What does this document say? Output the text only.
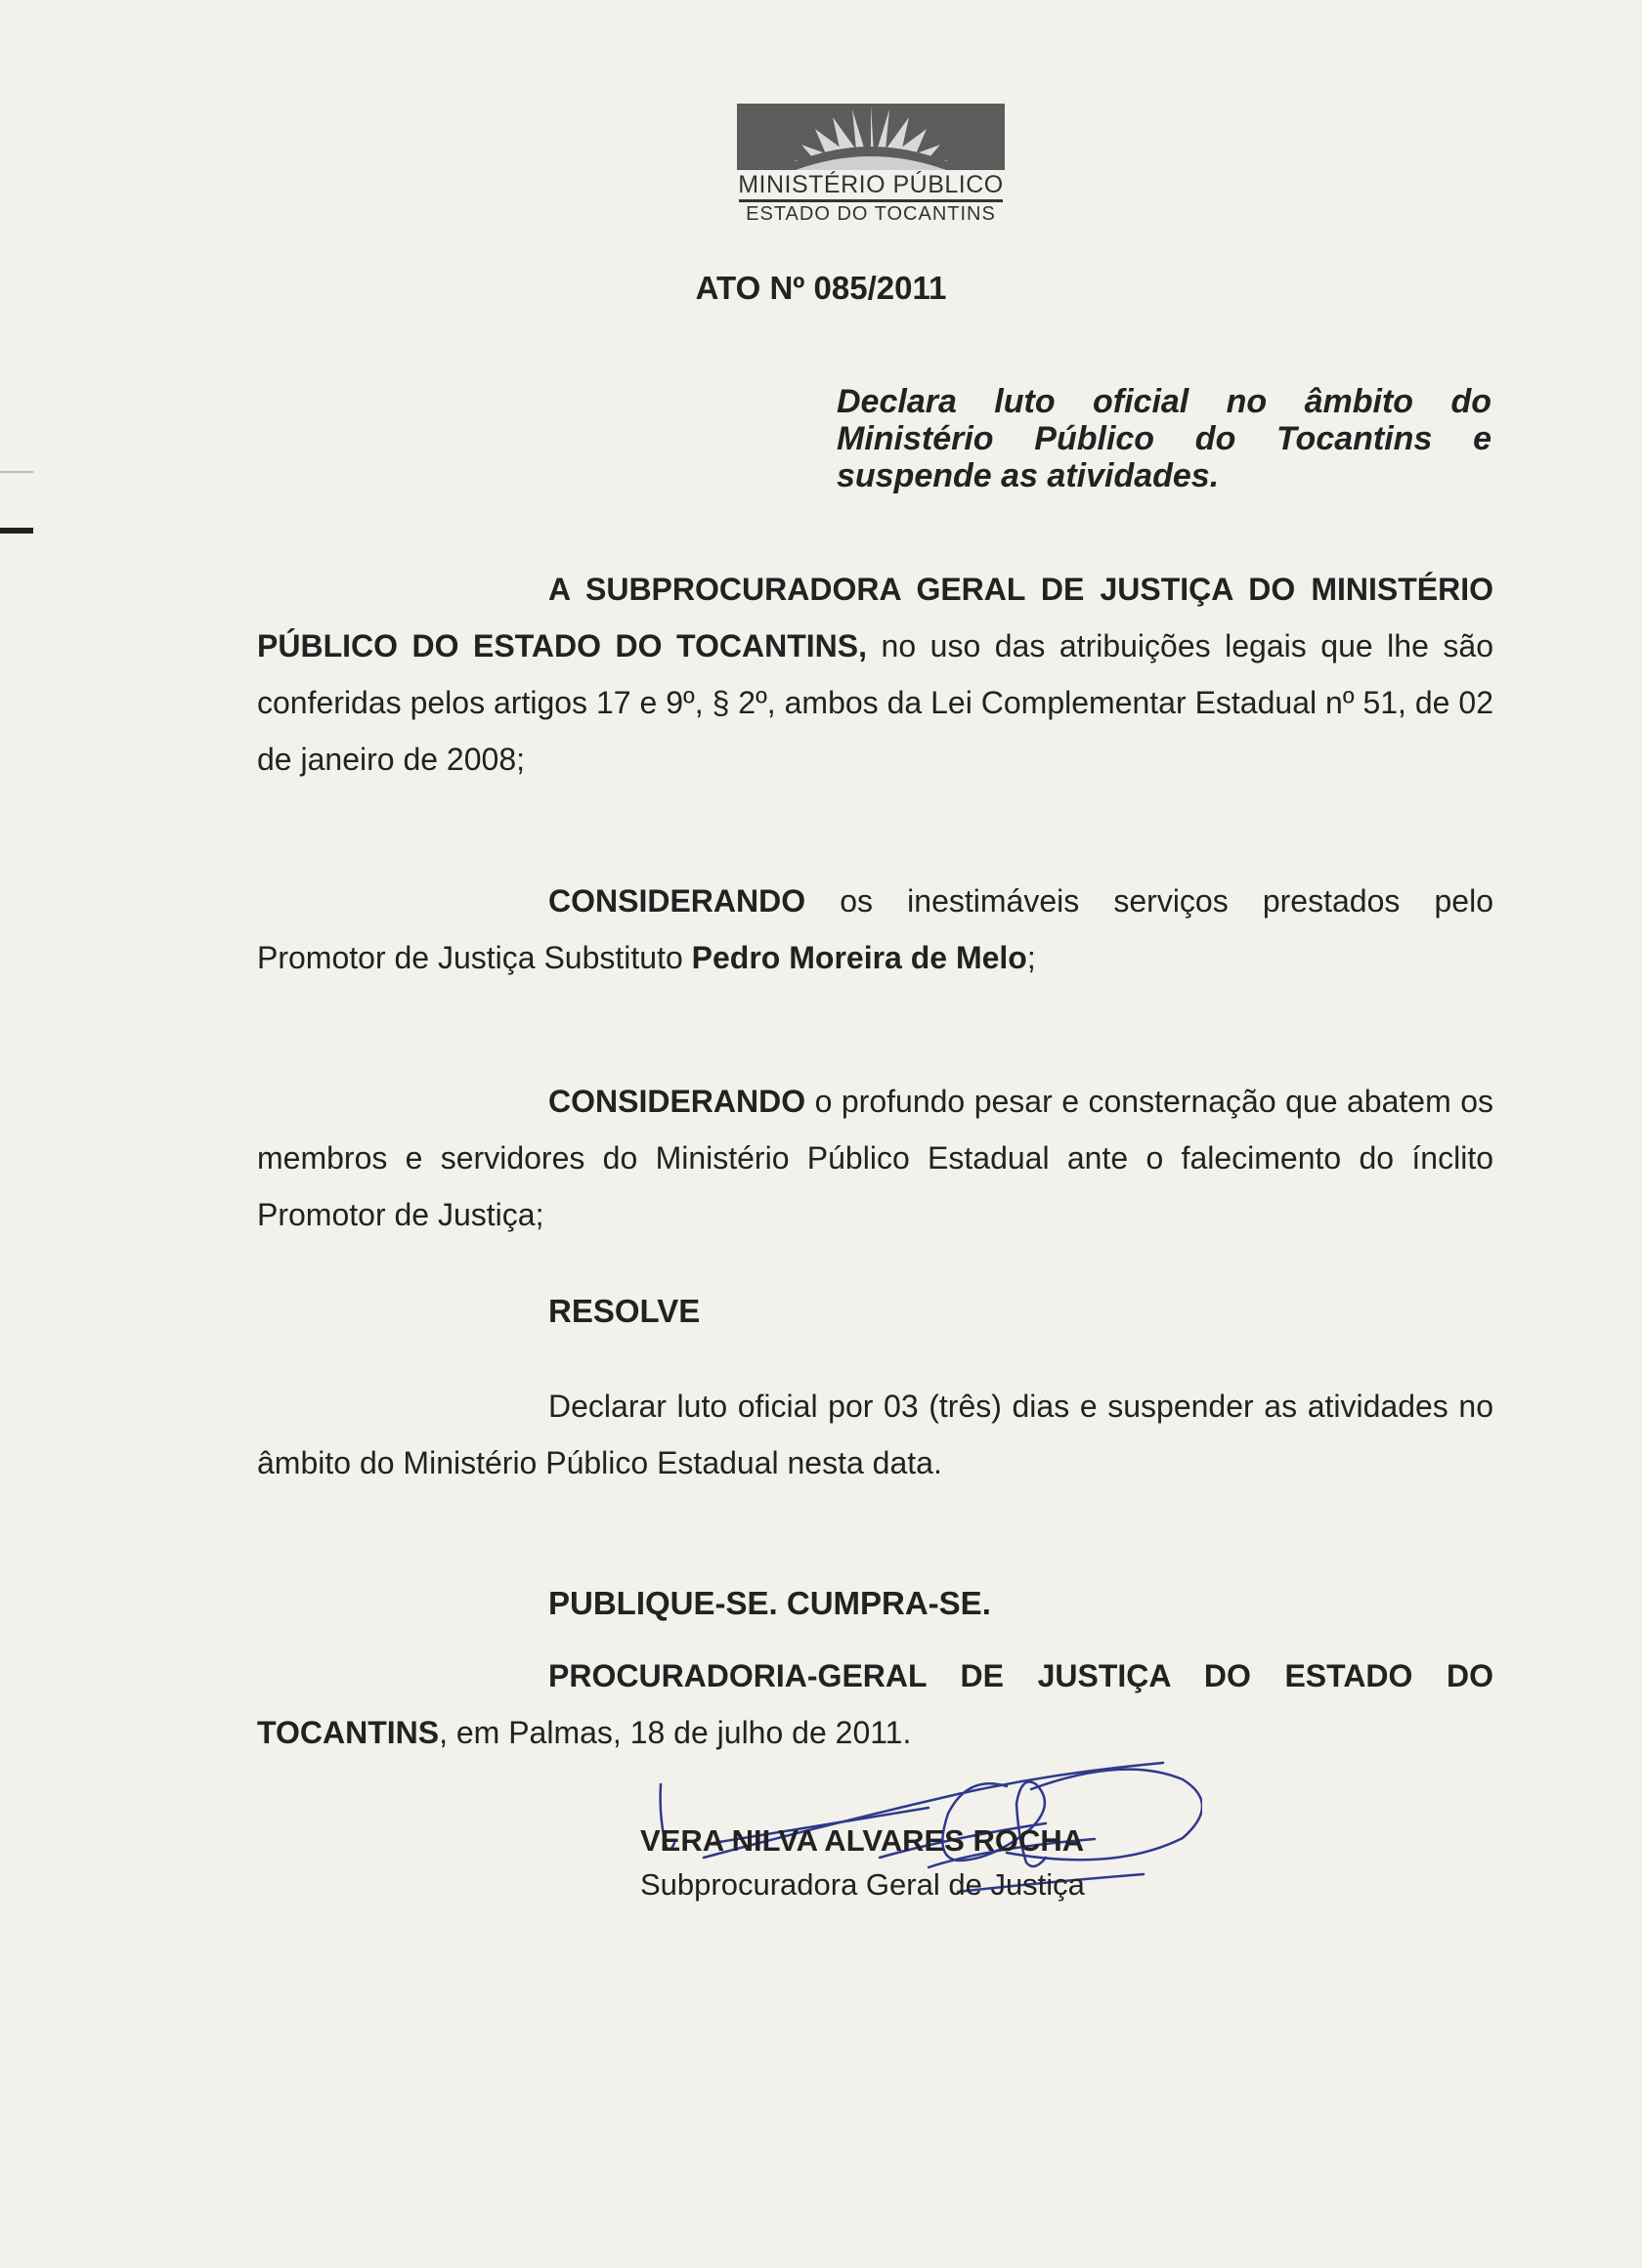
MINISTÉRIO PÚBLICO
ESTADO DO TOCANTINS
ATO Nº 085/2011
Declara luto oficial no âmbito do Ministério Público do Tocantins e suspende as atividades.

A SUBPROCURADORA GERAL DE JUSTIÇA DO MINISTÉRIO PÚBLICO DO ESTADO DO TOCANTINS, no uso das atribuições legais que lhe são conferidas pelos artigos 17 e 9º, § 2º, ambos da Lei Complementar Estadual nº 51, de 02 de janeiro de 2008;

CONSIDERANDO os inestimáveis serviços prestados pelo Promotor de Justiça Substituto Pedro Moreira de Melo;

CONSIDERANDO o profundo pesar e consternação que abatem os membros e servidores do Ministério Público Estadual ante o falecimento do ínclito Promotor de Justiça;

RESOLVE

Declarar luto oficial por 03 (três) dias e suspender as atividades no âmbito do Ministério Público Estadual nesta data.

PUBLIQUE-SE. CUMPRA-SE.

PROCURADORIA-GERAL DE JUSTIÇA DO ESTADO DO TOCANTINS, em Palmas, 18 de julho de 2011.

VERA NILVA ALVARES ROCHA
Subprocuradora Geral de Justiça
